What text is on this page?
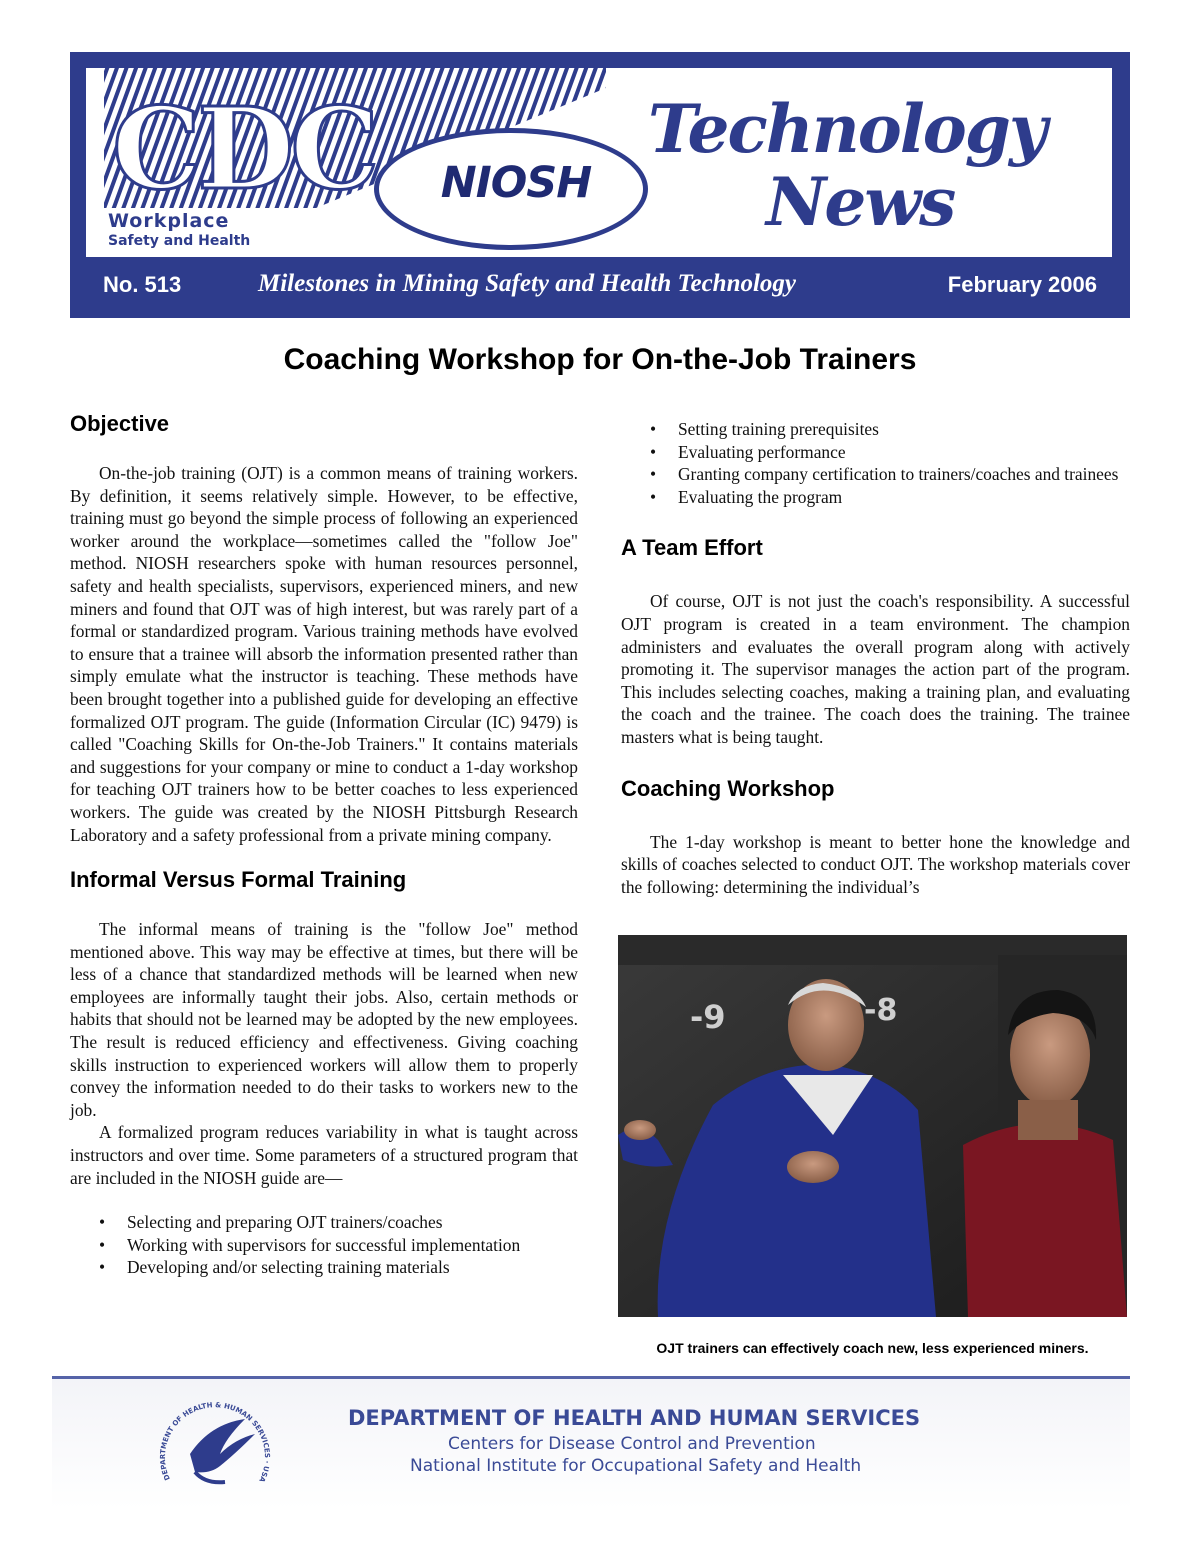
CDC
Workplace
Safety and Health
NIOSH
Technology
News
No. 513	Milestones in Mining Safety and Health Technology	February 2006
Coaching Workshop for On-the-Job Trainers
Objective

On-the-job training (OJT) is a common means of training workers. By definition, it seems relatively simple. However, to be effective, training must go beyond the simple process of following an experienced worker around the workplace—sometimes called the "follow Joe" method. NIOSH researchers spoke with human resources personnel, safety and health specialists, supervisors, experienced miners, and new miners and found that OJT was of high interest, but was rarely part of a formal or standardized program. Various training methods have evolved to ensure that a trainee will absorb the information presented rather than simply emulate what the instructor is teaching. These methods have been brought together into a published guide for developing an effective formalized OJT program. The guide (Information Circular (IC) 9479) is called "Coaching Skills for On-the-Job Trainers." It contains materials and suggestions for your company or mine to conduct a 1-day workshop for teaching OJT trainers how to be better coaches to less experienced workers. The guide was created by the NIOSH Pittsburgh Research Laboratory and a safety professional from a private mining company.

Informal Versus Formal Training

The informal means of training is the "follow Joe" method mentioned above. This way may be effective at times, but there will be less of a chance that standardized methods will be learned when new employees are informally taught their jobs. Also, certain methods or habits that should not be learned may be adopted by the new employees. The result is reduced efficiency and effectiveness. Giving coaching skills instruction to experienced workers will allow them to properly convey the information needed to do their tasks to workers new to the job.

A formalized program reduces variability in what is taught across instructors and over time. Some parameters of a structured program that are included in the NIOSH guide are—

• Selecting and preparing OJT trainers/coaches
• Working with supervisors for successful implementation
• Developing and/or selecting training materials
• Setting training prerequisites
• Evaluating performance
• Granting company certification to trainers/coaches and trainees
• Evaluating the program
A Team Effort

Of course, OJT is not just the coach's responsibility. A successful OJT program is created in a team environment. The champion administers and evaluates the overall program along with actively promoting it. The supervisor manages the action part of the program. This includes selecting coaches, making a training plan, and evaluating the coach and the trainee. The coach does the training. The trainee masters what is being taught.

Coaching Workshop

The 1-day workshop is meant to better hone the knowledge and skills of coaches selected to conduct OJT. The workshop materials cover the following: determining the individual’s

-9	-8
OJT trainers can effectively coach new, less experienced miners.
DEPARTMENT OF HEALTH & HUMAN SERVICES · USA
DEPARTMENT OF HEALTH AND HUMAN SERVICES
Centers for Disease Control and Prevention
National Institute for Occupational Safety and Health
